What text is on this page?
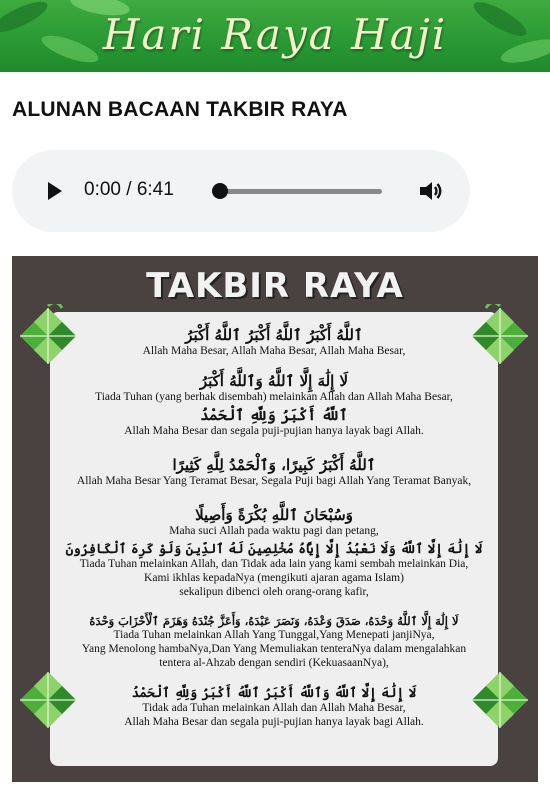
Hari Raya Haji
ALUNAN BACAAN TAKBIR RAYA
0:00 / 6:41
TAKBIR RAYA
ٱللَّهُ أَكْبَرُ ٱللَّهُ أَكْبَرُ ٱللَّهُ أَكْبَرُ
Allah Maha Besar, Allah Maha Besar, Allah Maha Besar,
لَا إِلَٰهَ إِلَّا ٱللَّهُ وَٱللَّهُ أَكْبَرُ
Tiada Tuhan (yang berhak disembah) melainkan Allah dan Allah Maha Besar,
ٱللَّهُ أَكْبَرُ وَلِلَّهِ ٱلْحَمْدُ
Allah Maha Besar dan segala puji-pujian hanya layak bagi Allah.
ٱللَّهُ أَكْبَرُ كَبِيرًا، وَٱلْحَمْدُ لِلَّهِ كَثِيرًا
Allah Maha Besar Yang Teramat Besar, Segala Puji bagi Allah Yang Teramat Banyak,
وَسُبْحَانَ ٱللَّهِ بُكْرَةً وَأَصِيلًا
Maha suci Allah pada waktu pagi dan petang,
لَا إِلَٰهَ إِلَّا ٱللَّهُ وَلَا نَعْبُدُ إِلَّا إِيَّاهُ مُخْلِصِينَ لَهُ ٱلدِّينَ وَلَوْ كَرِهَ ٱلْكَافِرُونَ
Tiada Tuhan melainkan Allah, dan Tidak ada lain yang kami sembah melainkan Dia,
Kami ikhlas kepadaNya (mengikuti ajaran agama Islam)
sekalipun dibenci oleh orang-orang kafir,
لَا إِلَٰهَ إِلَّا ٱللَّهُ وَحْدَهُ، صَدَقَ وَعْدَهُ، وَنَصَرَ عَبْدَهُ، وَأَعَزَّ جُنْدَهُ وَهَزَمَ ٱلْأَحْزَابَ وَحْدَهُ
Tiada Tuhan melainkan Allah Yang Tunggal,Yang Menepati janjiNya,
Yang Menolong hambaNya,Dan Yang Memuliakan tenteraNya dalam mengalahkan
tentera al-Ahzab dengan sendiri (KekuasaanNya),
لَا إِلَٰهَ إِلَّا ٱللَّهُ وَٱللَّهُ أَكْبَرُ ٱللَّهُ أَكْبَرُ وَلِلَّهِ ٱلْحَمْدُ
Tidak ada Tuhan melainkan Allah dan Allah Maha Besar,
Allah Maha Besar dan segala puji-pujian hanya layak bagi Allah.
